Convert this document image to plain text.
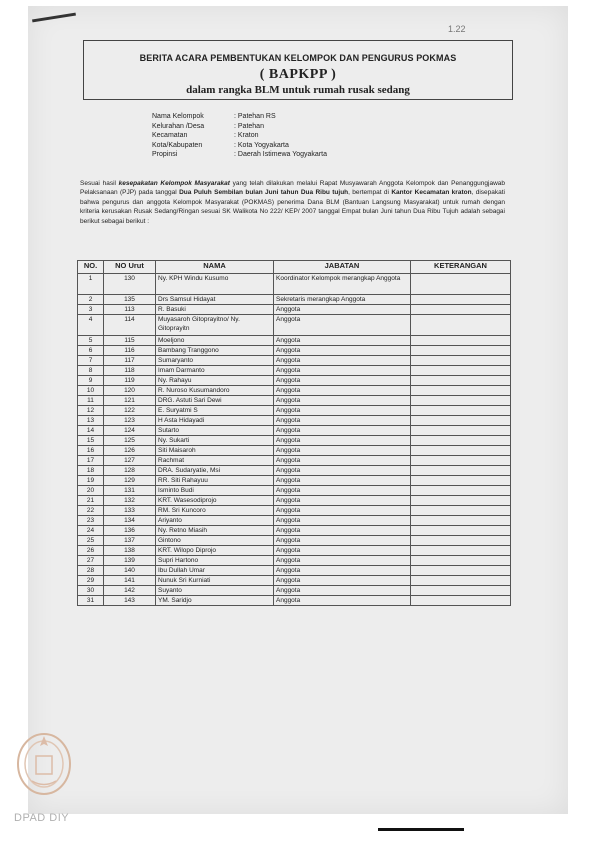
1.22
BERITA ACARA PEMBENTUKAN KELOMPOK DAN PENGURUS POKMAS
( BAPKPP )
dalam rangka BLM untuk rumah rusak sedang
Nama Kelompok	: Patehan RS
Kelurahan /Desa	: Patehan
Kecamatan	: Kraton
Kota/Kabupaten	: Kota Yogyakarta
Propinsi	: Daerah Istimewa Yogyakarta
Sesuai hasil kesepakatan Kelompok Masyarakat yang telah dilakukan melalui Rapat Musyawarah Anggota Kelompok dan Penanggungjawab Pelaksanaan (PJP) pada tanggal Dua Puluh Sembilan bulan Juni tahun Dua Ribu tujuh, bertempat di Kantor Kecamatan kraton, disepakati bahwa pengurus dan anggota Kelompok Masyarakat (POKMAS) penerima Dana BLM (Bantuan Langsung Masyarakat) untuk rumah dengan kriteria kerusakan Rusak Sedang/Ringan sesuai SK Walikota No 222/ KEP/ 2007 tanggal Empat bulan Juni tahun Dua Ribu Tujuh adalah sebagai berikut sebagai berikut :
NO.	NO Urut	NAMA	JABATAN	KETERANGAN
1	130	Ny. KPH Windu Kusumo	Koordinator Kelompok merangkap Anggota	
2	135	Drs Samsul Hidayat	Sekretaris merangkap Anggota	
3	113	R. Basuki	Anggota	
4	114	Muyasaroh Gitoprayitno/ Ny. Gitoprayitn	Anggota	
5	115	Moeljono	Anggota	
6	116	Bambang Tranggono	Anggota	
7	117	Sumaryanto	Anggota	
8	118	Imam Darmanto	Anggota	
9	119	Ny. Rahayu	Anggota	
10	120	R. Nuroso Kusumandoro	Anggota	
11	121	DRG. Astuti Sari Dewi	Anggota	
12	122	E. Suryatmi S	Anggota	
13	123	H Asta Hidayadi	Anggota	
14	124	Sutarto	Anggota	
15	125	Ny. Sukarti	Anggota	
16	126	Siti Maisaroh	Anggota	
17	127	Rachmat	Anggota	
18	128	DRA. Sudaryatie, Msi	Anggota	
19	129	RR. Siti Rahayuu	Anggota	
20	131	Isminto Budi	Anggota	
21	132	KRT. Wasesodiprojo	Anggota	
22	133	RM. Sri Kuncoro	Anggota	
23	134	Ariyanto	Anggota	
24	136	Ny. Retno Miasih	Anggota	
25	137	Gintono	Anggota	
26	138	KRT. Wilopo Diprojo	Anggota	
27	139	Supri Hartono	Anggota	
28	140	Ibu Dullah Umar	Anggota	
29	141	Nunuk Sri Kurniati	Anggota	
30	142	Suyanto	Anggota	
31	143	YM. Saridjo	Anggota	
DPAD DIY
